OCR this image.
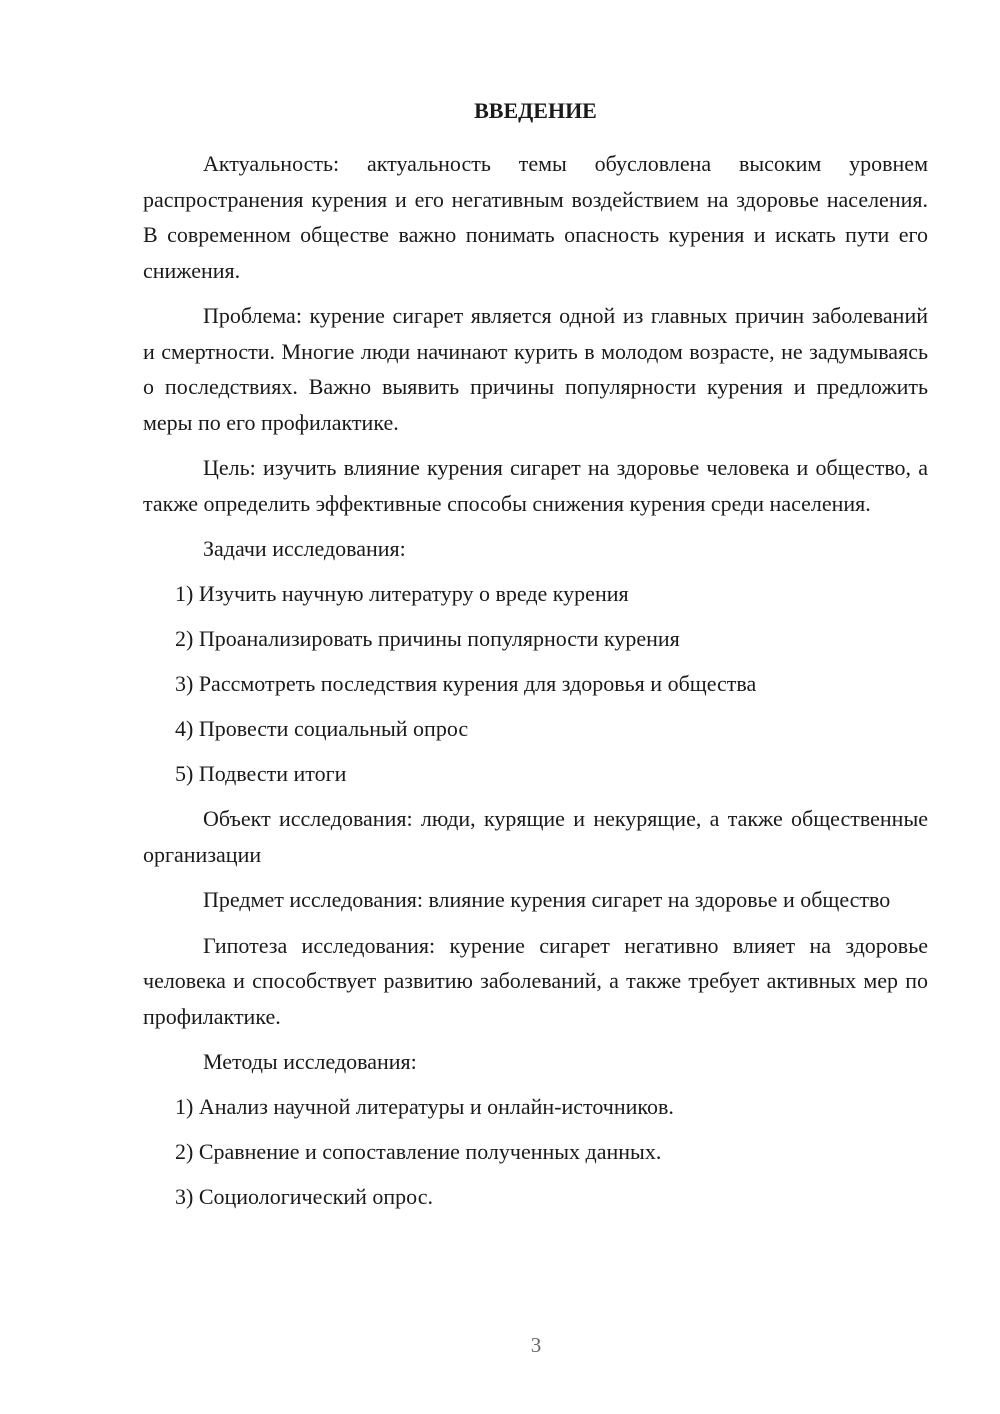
ВВЕДЕНИЕ

Актуальность: актуальность темы обусловлена высоким уровнем распространения курения и его негативным воздействием на здоровье населения. В современном обществе важно понимать опасность курения и искать пути его снижения.

Проблема: курение сигарет является одной из главных причин заболеваний и смертности. Многие люди начинают курить в молодом возрасте, не задумываясь о последствиях. Важно выявить причины популярности курения и предложить меры по его профилактике.

Цель: изучить влияние курения сигарет на здоровье человека и общество, а также определить эффективные способы снижения курения среди населения.

Задачи исследования:
1) Изучить научную литературу о вреде курения
2) Проанализировать причины популярности курения
3) Рассмотреть последствия курения для здоровья и общества
4) Провести социальный опрос
5) Подвести итоги

Объект исследования: люди, курящие и некурящие, а также общественные организации

Предмет исследования: влияние курения сигарет на здоровье и общество

Гипотеза исследования: курение сигарет негативно влияет на здоровье человека и способствует развитию заболеваний, а также требует активных мер по профилактике.

Методы исследования:
1) Анализ научной литературы и онлайн-источников.
2) Сравнение и сопоставление полученных данных.
3) Социологический опрос.
3
